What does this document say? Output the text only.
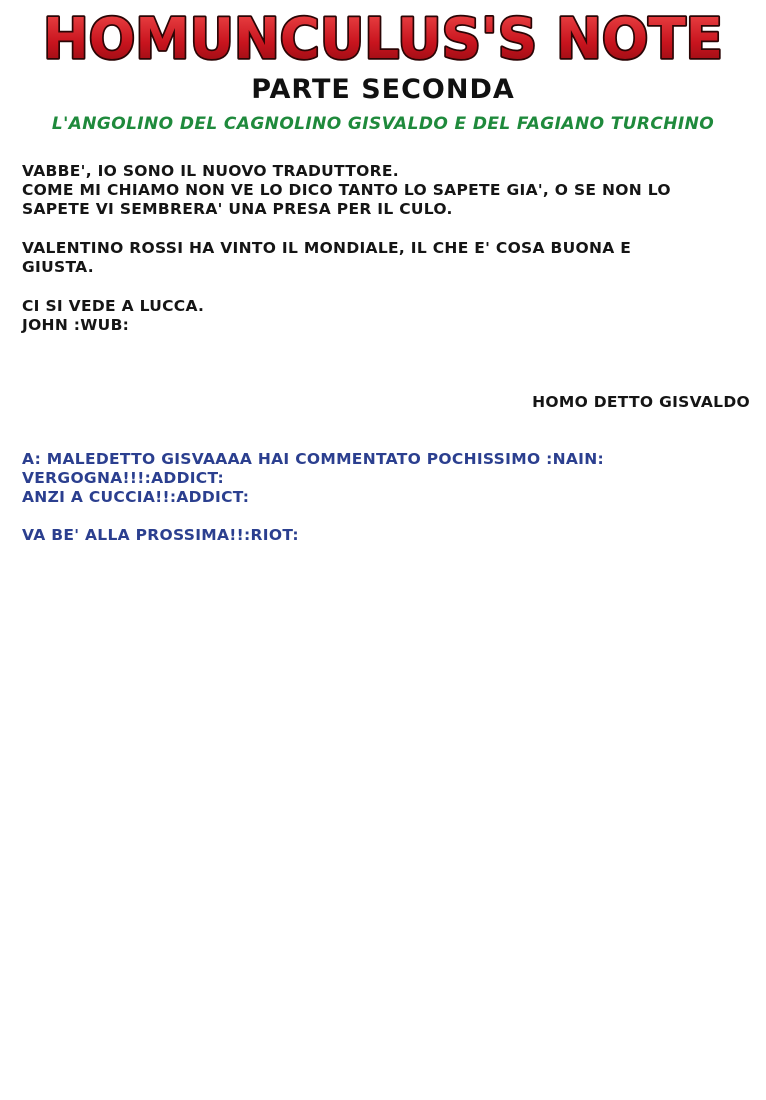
HOMUNCULUS'S NOTE
PARTE SECONDA
L'ANGOLINO DEL CAGNOLINO GISVALDO E DEL FAGIANO TURCHINO

VABBE', IO SONO IL NUOVO TRADUTTORE.

COME MI CHIAMO NON VE LO DICO TANTO LO SAPETE GIA', O SE NON LO

SAPETE VI SEMBRERA' UNA PRESA PER IL CULO.

VALENTINO ROSSI HA VINTO IL MONDIALE, IL CHE E' COSA BUONA E

GIUSTA.

CI SI VEDE A LUCCA.

JOHN :WUB:

HOMO DETTO GISVALDO

A: MALEDETTO GISVAAAA HAI COMMENTATO POCHISSIMO :NAIN:

VERGOGNA!!!:ADDICT:

ANZI A CUCCIA!!:ADDICT:

VA BE' ALLA PROSSIMA!!:RIOT:
